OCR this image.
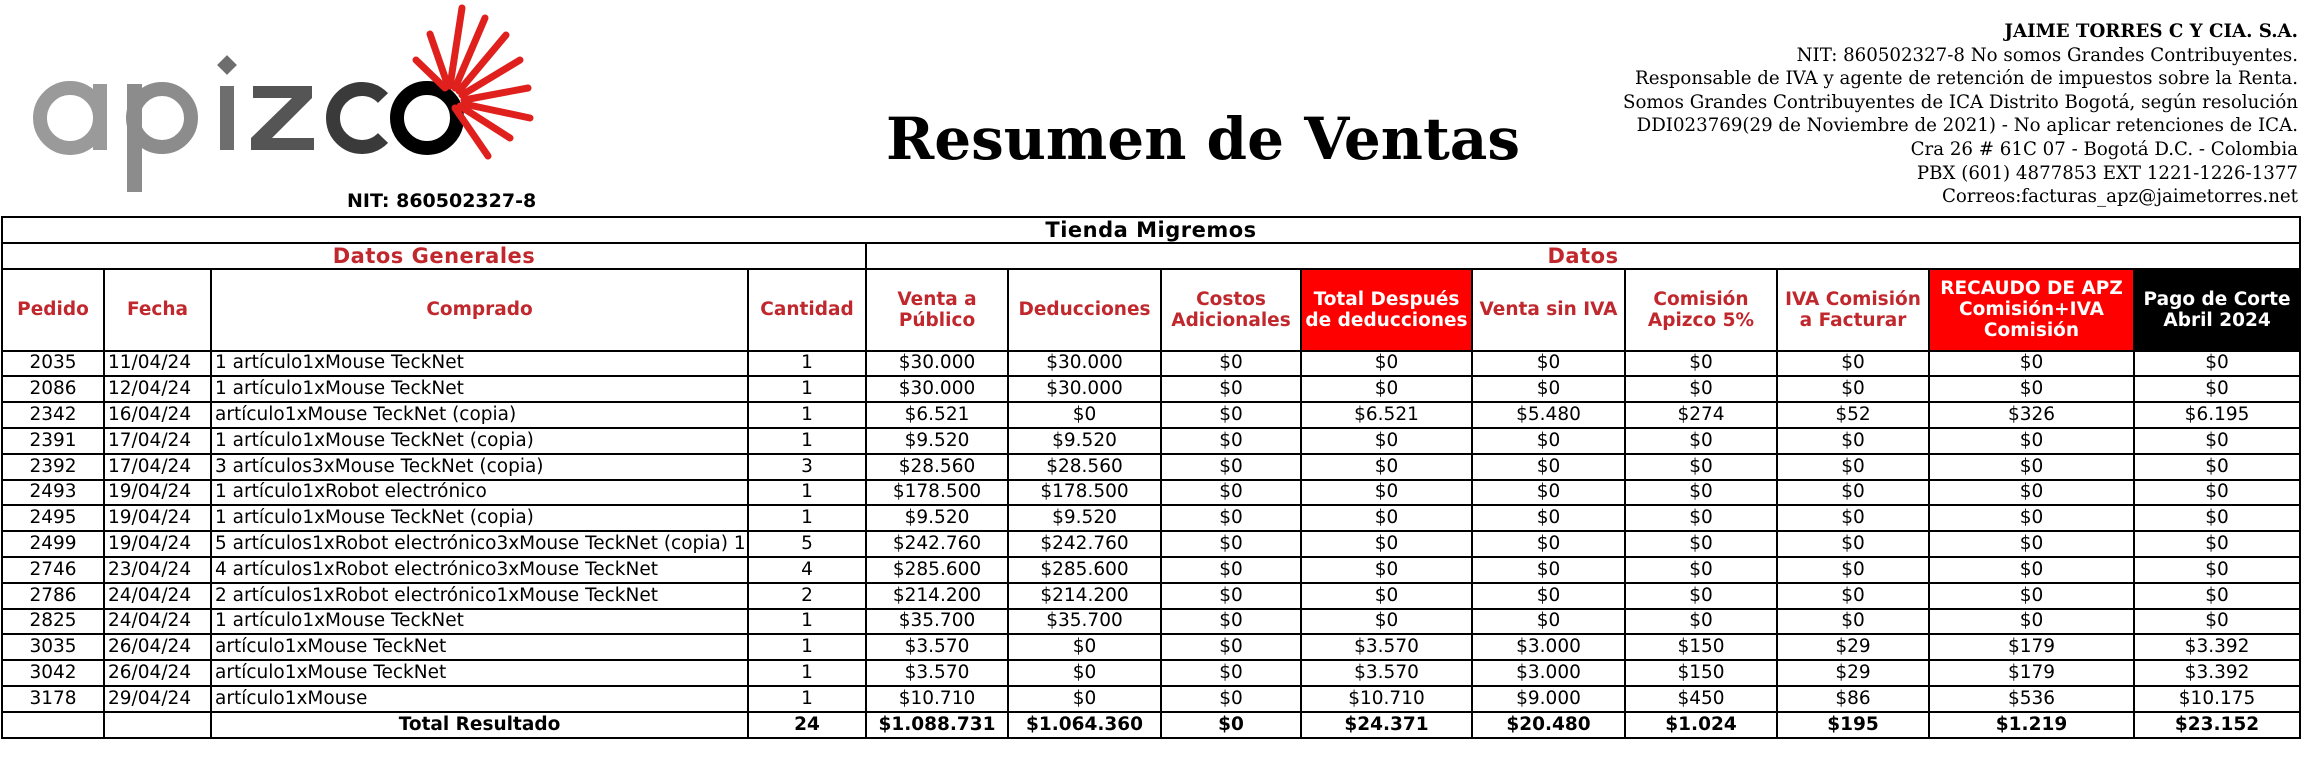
NIT: 860502327-8
Resumen de Ventas
JAIME TORRES C Y CIA. S.A.
NIT: 860502327-8 No somos Grandes Contribuyentes.
Responsable de IVA y agente de retención de impuestos sobre la Renta.
Somos Grandes Contribuyentes de ICA Distrito Bogotá, según resolución
DDI023769(29 de Noviembre de 2021) - No aplicar retenciones de ICA.
Cra 26 # 61C 07 - Bogotá D.C. - Colombia
PBX (601) 4877853 EXT 1221-1226-1377
Correos:facturas_apz@jaimetorres.net
Tienda Migremos												
Datos Generales				Datos								
Pedido	Fecha	Comprado	Cantidad	Venta a Público	Deducciones	Costos Adicionales	Total Después de deducciones	Venta sin IVA	Comisión Apizco 5%	IVA Comisión a Facturar	RECAUDO DE APZ Comisión+IVA Comisión	Pago de Corte Abril 2024
2035	11/04/24	1 artículo1xMouse TeckNet	1	$30.000	$30.000	$0	$0	$0	$0	$0	$0	$0
2086	12/04/24	1 artículo1xMouse TeckNet	1	$30.000	$30.000	$0	$0	$0	$0	$0	$0	$0
2342	16/04/24	artículo1xMouse TeckNet (copia)	1	$6.521	$0	$0	$6.521	$5.480	$274	$52	$326	$6.195
2391	17/04/24	1 artículo1xMouse TeckNet (copia)	1	$9.520	$9.520	$0	$0	$0	$0	$0	$0	$0
2392	17/04/24	3 artículos3xMouse TeckNet (copia)	3	$28.560	$28.560	$0	$0	$0	$0	$0	$0	$0
2493	19/04/24	1 artículo1xRobot electrónico	1	$178.500	$178.500	$0	$0	$0	$0	$0	$0	$0
2495	19/04/24	1 artículo1xMouse TeckNet (copia)	1	$9.520	$9.520	$0	$0	$0	$0	$0	$0	$0
2499	19/04/24	5 artículos1xRobot electrónico3xMouse TeckNet (copia) 1	5	$242.760	$242.760	$0	$0	$0	$0	$0	$0	$0
2746	23/04/24	4 artículos1xRobot electrónico3xMouse TeckNet	4	$285.600	$285.600	$0	$0	$0	$0	$0	$0	$0
2786	24/04/24	2 artículos1xRobot electrónico1xMouse TeckNet	2	$214.200	$214.200	$0	$0	$0	$0	$0	$0	$0
2825	24/04/24	1 artículo1xMouse TeckNet	1	$35.700	$35.700	$0	$0	$0	$0	$0	$0	$0
3035	26/04/24	artículo1xMouse TeckNet	1	$3.570	$0	$0	$3.570	$3.000	$150	$29	$179	$3.392
3042	26/04/24	artículo1xMouse TeckNet	1	$3.570	$0	$0	$3.570	$3.000	$150	$29	$179	$3.392
3178	29/04/24	artículo1xMouse	1	$10.710	$0	$0	$10.710	$9.000	$450	$86	$536	$10.175
		Total Resultado	24	$1.088.731	$1.064.360	$0	$24.371	$20.480	$1.024	$195	$1.219	$23.152
